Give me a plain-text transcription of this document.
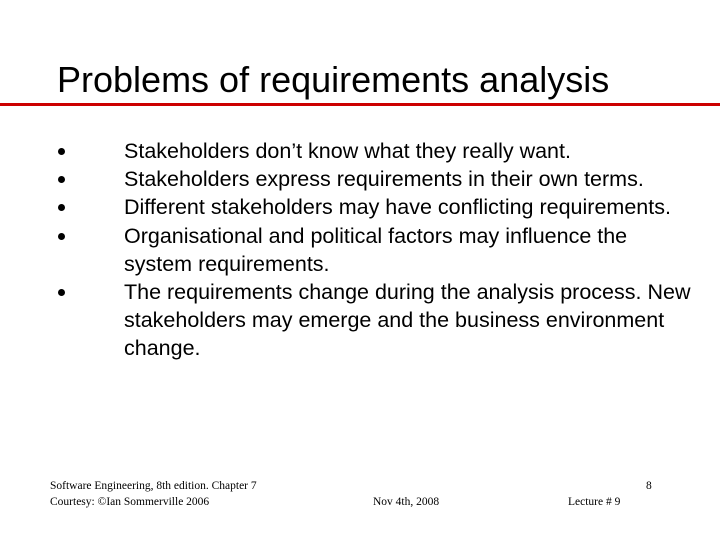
Problems of requirements analysis
Stakeholders don’t know what they really want.
Stakeholders express requirements in their own terms.
Different stakeholders may have conflicting requirements.
Organisational and political factors may influence the system requirements.
The requirements change during the analysis process. New stakeholders may emerge and the business environment change.
Software Engineering, 8th edition. Chapter 7
Courtesy: ©Ian Sommerville 2006	Nov 4th, 2008
8
Lecture # 9
